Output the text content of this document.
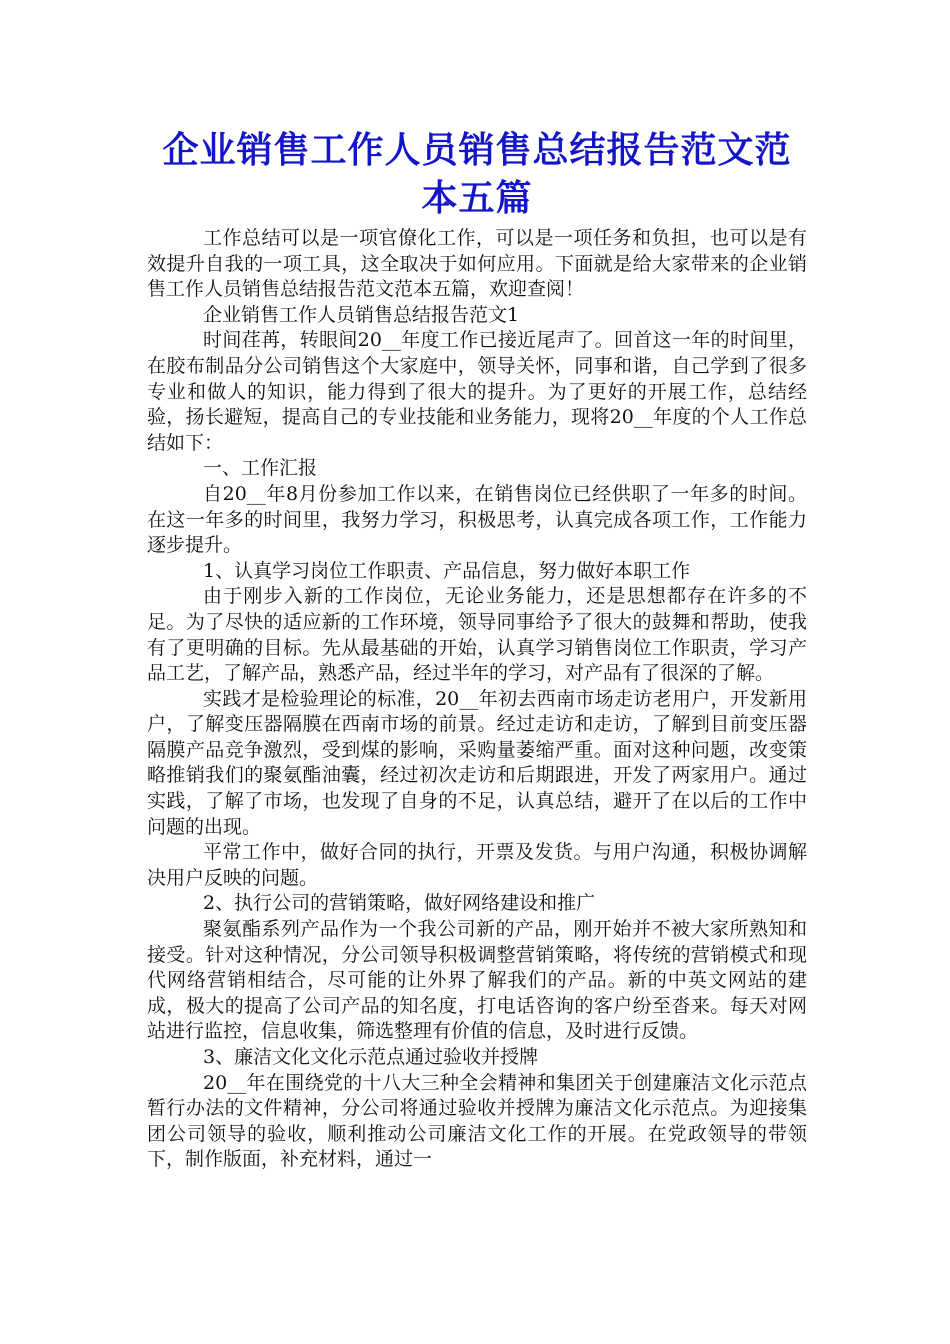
企业销售工作人员销售总结报告范文范本五篇

工作总结可以是一项官僚化工作，可以是一项任务和负担，也可以是有效提升自我的一项工具，这全取决于如何应用。下面就是给大家带来的企业销售工作人员销售总结报告范文范本五篇，欢迎查阅！

企业销售工作人员销售总结报告范文1

时间荏苒，转眼间20__年度工作已接近尾声了。回首这一年的时间里，在胶布制品分公司销售这个大家庭中，领导关怀，同事和谐，自己学到了很多专业和做人的知识，能力得到了很大的提升。为了更好的开展工作，总结经验，扬长避短，提高自己的专业技能和业务能力，现将20__年度的个人工作总结如下：

一、工作汇报

自20__年8月份参加工作以来，在销售岗位已经供职了一年多的时间。在这一年多的时间里，我努力学习，积极思考，认真完成各项工作，工作能力逐步提升。

1、认真学习岗位工作职责、产品信息，努力做好本职工作

由于刚步入新的工作岗位，无论业务能力，还是思想都存在许多的不足。为了尽快的适应新的工作环境，领导同事给予了很大的鼓舞和帮助，使我有了更明确的目标。先从最基础的开始，认真学习销售岗位工作职责，学习产品工艺，了解产品，熟悉产品，经过半年的学习，对产品有了很深的了解。

实践才是检验理论的标准，20__年初去西南市场走访老用户，开发新用户，了解变压器隔膜在西南市场的前景。经过走访和走访，了解到目前变压器隔膜产品竞争激烈，受到煤的影响，采购量萎缩严重。面对这种问题，改变策略推销我们的聚氨酯油囊，经过初次走访和后期跟进，开发了两家用户。通过实践，了解了市场，也发现了自身的不足，认真总结，避开了在以后的工作中问题的出现。

平常工作中，做好合同的执行，开票及发货。与用户沟通，积极协调解决用户反映的问题。

2、执行公司的营销策略，做好网络建设和推广

聚氨酯系列产品作为一个我公司新的产品，刚开始并不被大家所熟知和接受。针对这种情况，分公司领导积极调整营销策略，将传统的营销模式和现代网络营销相结合，尽可能的让外界了解我们的产品。新的中英文网站的建成，极大的提高了公司产品的知名度，打电话咨询的客户纷至沓来。每天对网站进行监控，信息收集，筛选整理有价值的信息，及时进行反馈。

3、廉洁文化文化示范点通过验收并授牌

20__年在围绕党的十八大三种全会精神和集团关于创建廉洁文化示范点暂行办法的文件精神，分公司将通过验收并授牌为廉洁文化示范点。为迎接集团公司领导的验收，顺利推动公司廉洁文化工作的开展。在党政领导的带领下，制作版面，补充材料，通过一
